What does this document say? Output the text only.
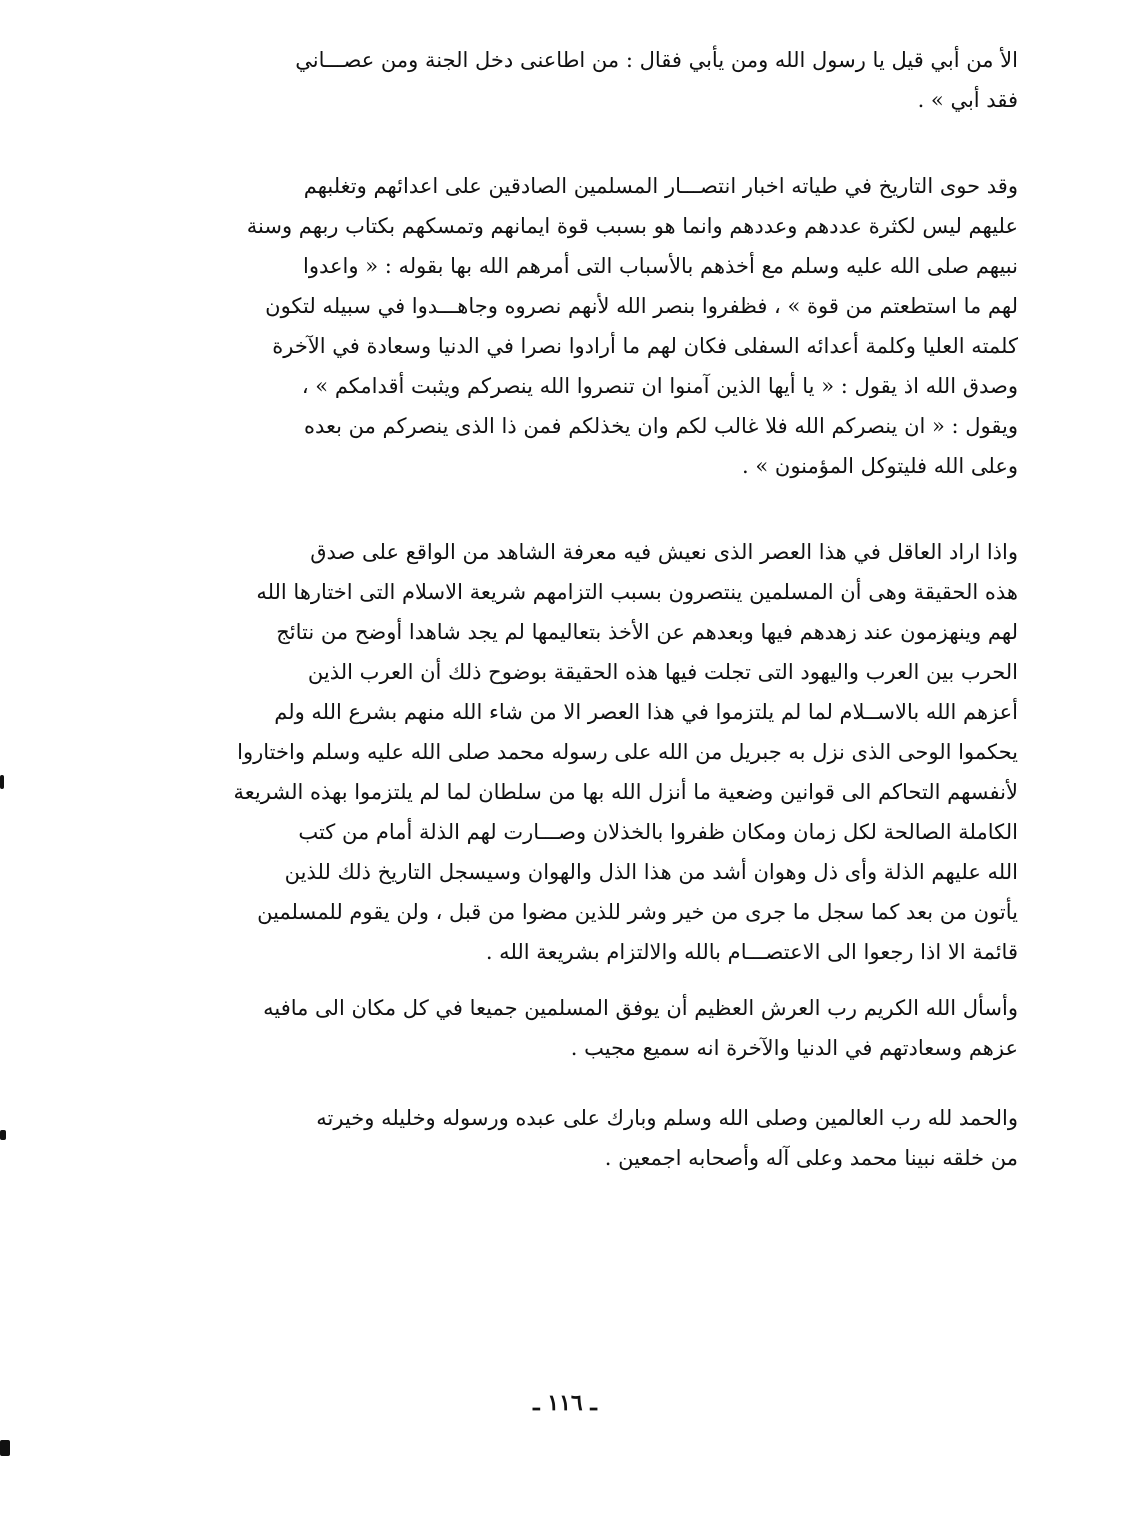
الأ من أبي قيل يا رسول الله ومن يأبي فقال : من اطاعنى دخل الجنة ومن عصـــاني
فقد أبي » .
وقد حوى التاريخ في طياته اخبار انتصـــار المسلمين الصادقين على اعدائهم وتغلبهم
عليهم ليس لكثرة عددهم وعددهم وانما هو بسبب قوة ايمانهم وتمسكهم بكتاب ربهم وسنة
نبيهم صلى الله عليه وسلم مع أخذهم بالأسباب التى أمرهم الله بها بقوله : « واعدوا
لهم ما استطعتم من قوة » ، فظفروا بنصر الله لأنهم نصروه وجاهـــدوا في سبيله لتكون
كلمته العليا وكلمة أعدائه السفلى فكان لهم ما أرادوا نصرا في الدنيا وسعادة في الآخرة
وصدق الله اذ يقول : « يا أيها الذين آمنوا ان تنصروا الله ينصركم ويثبت أقدامكم » ،
ويقول : « ان ينصركم الله فلا غالب لكم وان يخذلكم فمن ذا الذى ينصركم من بعده
وعلى الله فليتوكل المؤمنون » .
واذا اراد العاقل في هذا العصر الذى نعيش فيه معرفة الشاهد من الواقع على صدق
هذه الحقيقة وهى أن المسلمين ينتصرون بسبب التزامهم شريعة الاسلام التى اختارها الله
لهم وينهزمون عند زهدهم فيها وبعدهم عن الأخذ بتعاليمها لم يجد شاهدا أوضح من نتائج
الحرب بين العرب واليهود التى تجلت فيها هذه الحقيقة بوضوح ذلك أن العرب الذين
أعزهم الله بالاســلام لما لم يلتزموا في هذا العصر الا من شاء الله منهم بشرع الله ولم
يحكموا الوحى الذى نزل به جبريل من الله على رسوله محمد صلى الله عليه وسلم واختاروا
لأنفسهم التحاكم الى قوانين وضعية ما أنزل الله بها من سلطان لما لم يلتزموا بهذه الشريعة
الكاملة الصالحة لكل زمان ومكان ظفروا بالخذلان وصـــارت لهم الذلة أمام من كتب
الله عليهم الذلة وأى ذل وهوان أشد من هذا الذل والهوان وسيسجل التاريخ ذلك للذين
يأتون من بعد كما سجل ما جرى من خير وشر للذين مضوا من قبل ، ولن يقوم للمسلمين
قائمة الا اذا رجعوا الى الاعتصـــام بالله والالتزام بشريعة الله .
وأسأل الله الكريم رب العرش العظيم أن يوفق المسلمين جميعا في كل مكان الى مافيه
عزهم وسعادتهم في الدنيا والآخرة انه سميع مجيب .
والحمد لله رب العالمين وصلى الله وسلم وبارك على عبده ورسوله وخليله وخيرته
من خلقه نبينا محمد وعلى آله وأصحابه اجمعين .
ـ ١١٦ ـ
